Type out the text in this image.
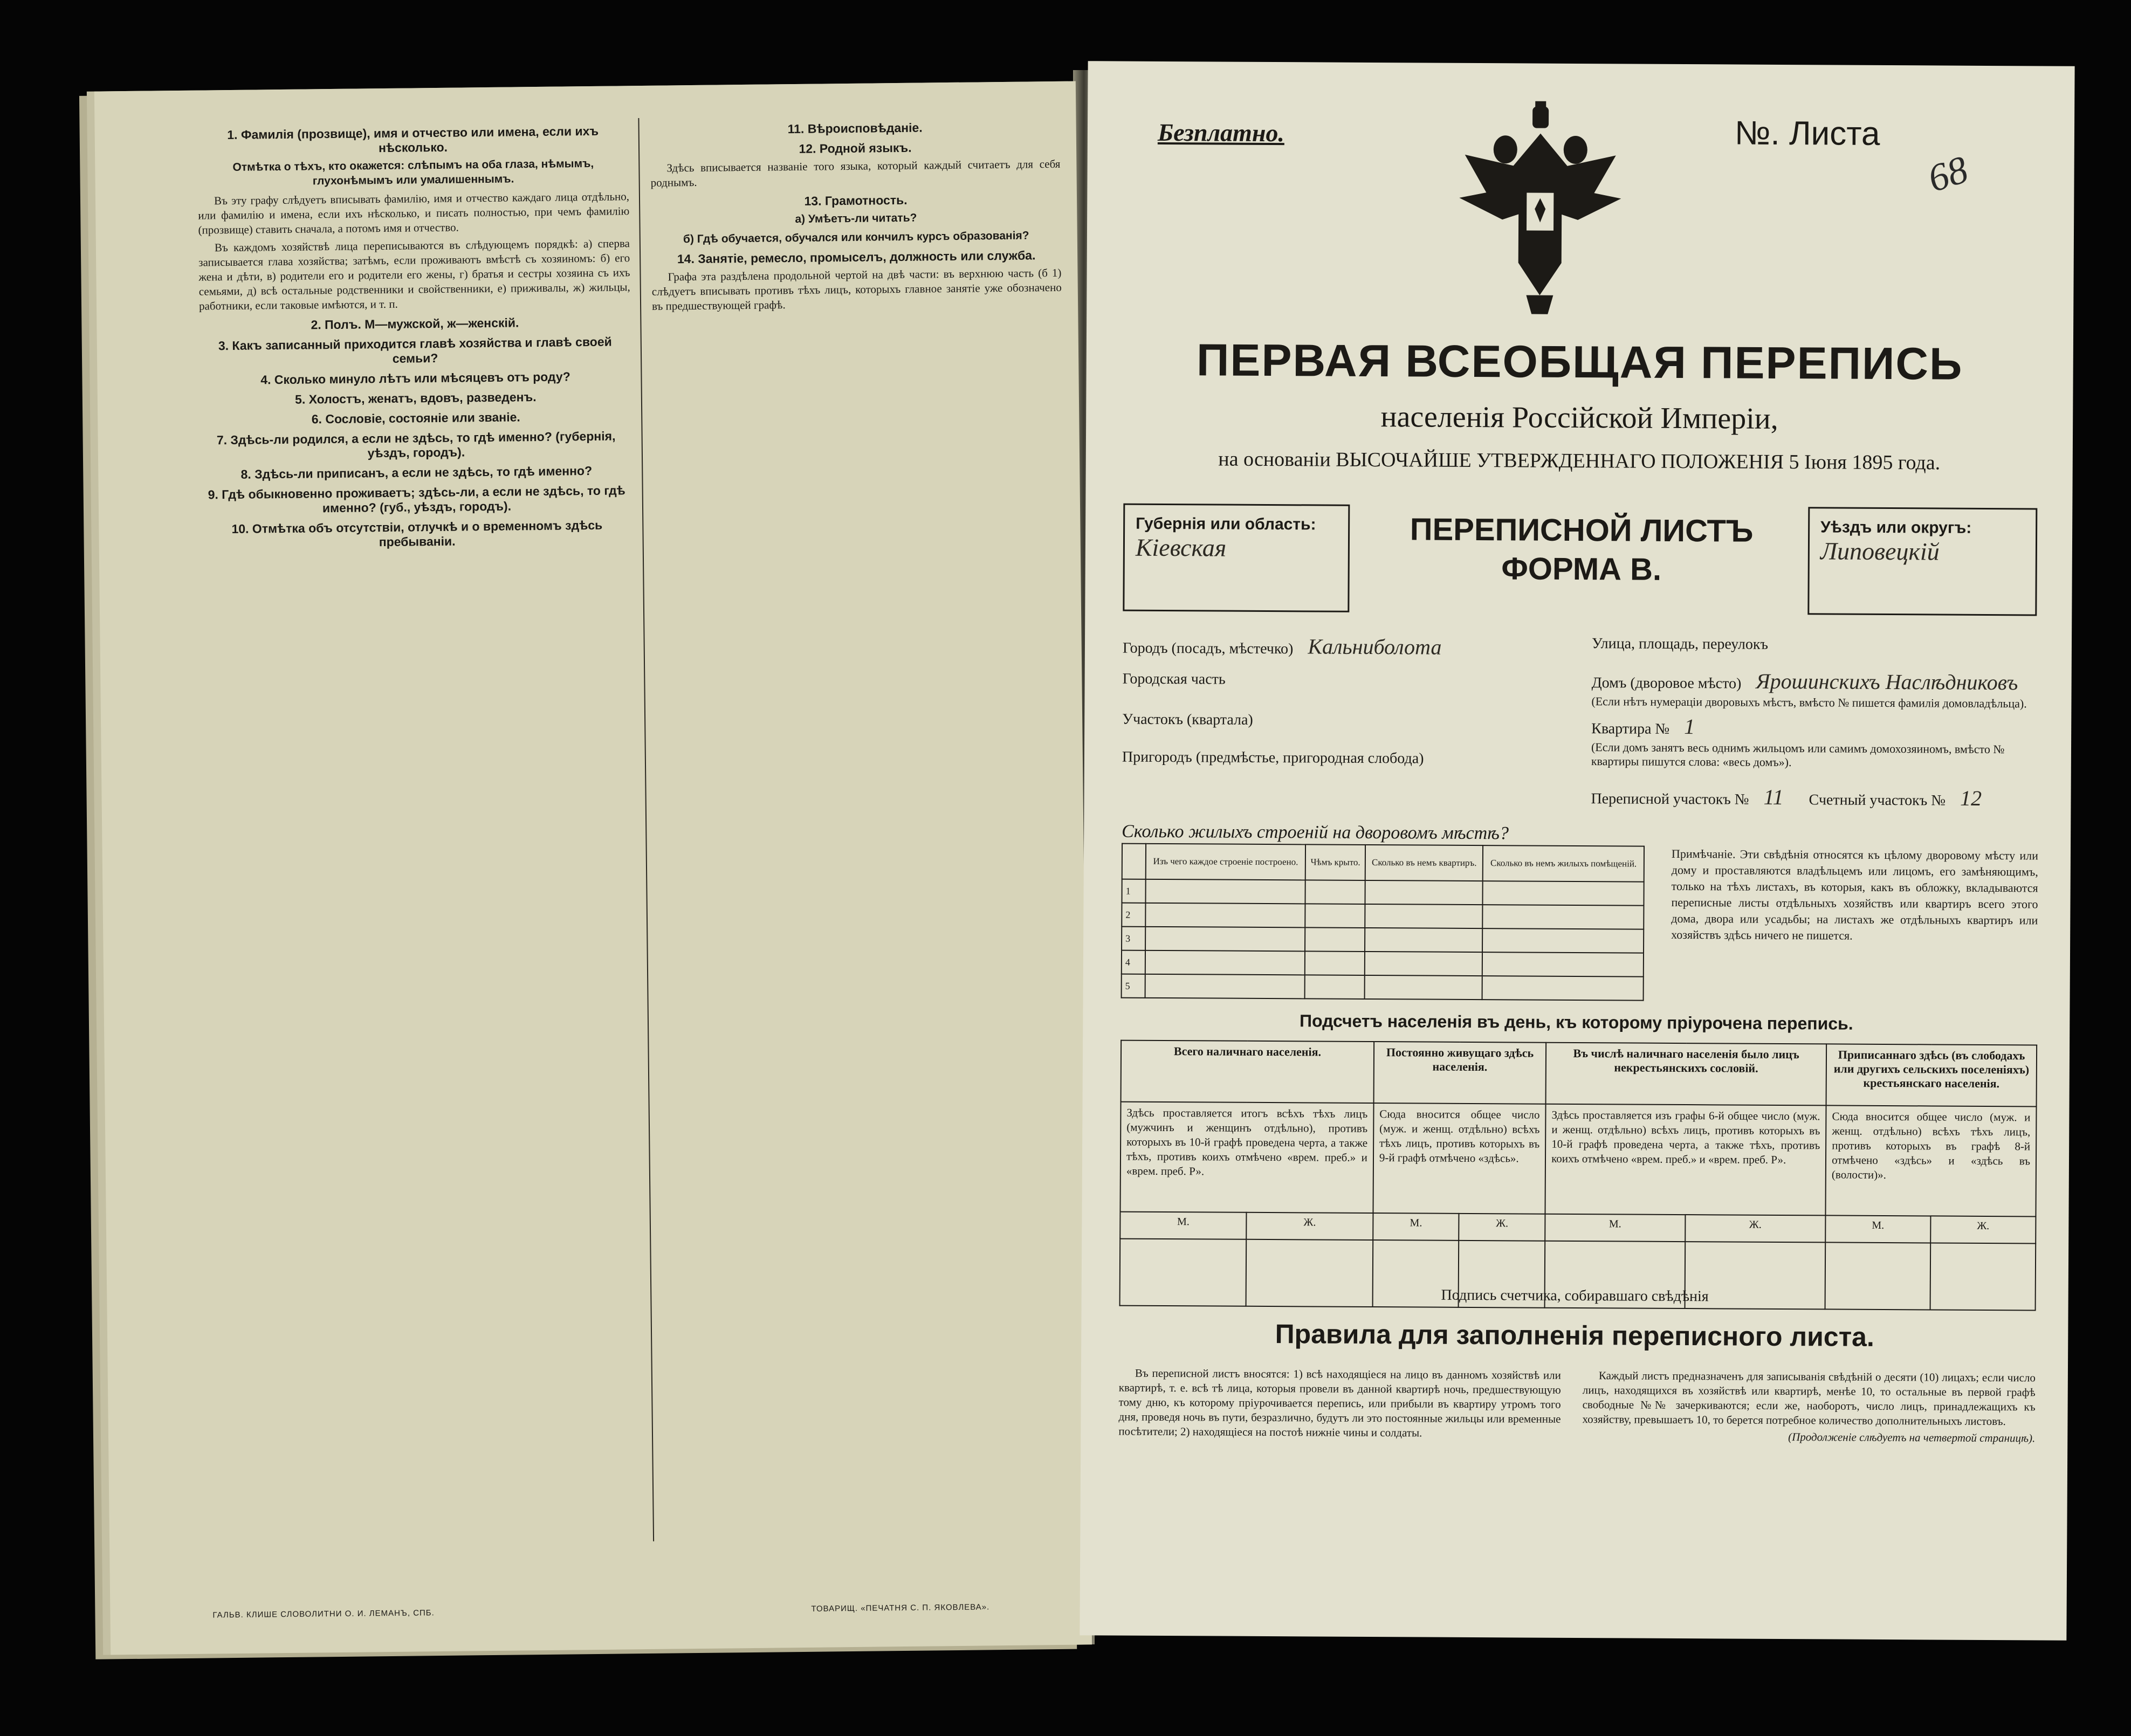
1. Фамилія (прозвище), имя и отчество или имена, если ихъ нѣсколько.
Отмѣтка о тѣхъ, кто окажется: слѣпымъ на оба глаза, нѣмымъ, глухонѣмымъ или умалишеннымъ.

Въ эту графу слѣдуетъ вписывать фамилію, имя и отчество каждаго лица отдѣльно, или фамилію и имена, если ихъ нѣсколько, и писать полностью, при чемъ фамилію (прозвище) ставить сначала, а потомъ имя и отчество.

Въ каждомъ хозяйствѣ лица переписываются въ слѣдующемъ порядкѣ: а) сперва записывается глава хозяйства; затѣмъ, если проживаютъ вмѣстѣ съ хозяиномъ: б) его жена и дѣти, в) родители его и родители его жены, г) братья и сестры хозяина съ ихъ семьями, д) всѣ остальные родственники и свойственники, е) приживалы, ж) жильцы, работники, если таковые имѣются, и т. п.

2. Полъ. М—мужской, ж—женскій.
3. Какъ записанный приходится главѣ хозяйства и главѣ своей семьи?
4. Сколько минуло лѣтъ или мѣсяцевъ отъ роду?
5. Холостъ, женатъ, вдовъ, разведенъ.
6. Сословіе, состояніе или званіе.
7. Здѣсь-ли родился, а если не здѣсь, то гдѣ именно? (губернія, уѣздъ, городъ).
8. Здѣсь-ли приписанъ, а если не здѣсь, то гдѣ именно?
9. Гдѣ обыкновенно проживаетъ; здѣсь-ли, а если не здѣсь, то гдѣ именно? (губ., уѣздъ, городъ).
10. Отмѣтка объ отсутствіи, отлучкѣ и о временномъ здѣсь пребываніи.
11. Вѣроисповѣданіе.
12. Родной языкъ.

Здѣсь вписывается названіе того языка, который каждый считаетъ для себя роднымъ.

13. Грамотность.
а) Умѣетъ-ли читать?
б) Гдѣ обучается, обучался или кончилъ курсъ образованія?
14. Занятіе, ремесло, промыселъ, должность или служба.

Графа эта раздѣлена продольной чертой на двѣ части: въ верхнюю часть (б 1) слѣдуетъ вписывать противъ тѣхъ лицъ, которыхъ главное занятіе уже обозначено въ предшествующей графѣ.

ГАЛЬВ. КЛИШЕ СЛОВОЛИТНИ О. И. ЛЕМАНЪ, СПБ.
ТОВАРИЩ. «ПЕЧАТНЯ С. П. ЯКОВЛЕВА».
Безплатно.	№. Листа
68
ПЕРВАЯ ВСЕОБЩАЯ ПЕРЕПИСЬ
населенія Россійской Имперіи,
на основаніи ВЫСОЧАЙШЕ УТВЕРЖДЕННАГО ПОЛОЖЕНІЯ 5 Іюня 1895 года.
Губернія или область:
Кіевская	ПЕРЕПИСНОЙ ЛИСТЪ
ФОРМА В.
Уѣздъ или округъ:
Липовецкій
Городъ (посадъ, мѣстечко) Кальниболота	Улица, площадь, переулокъ
Городская часть	Домъ (дворовое мѣсто) Ярошинскихъ Наслѣдниковъ
(Если нѣтъ нумераціи дворовыхъ мѣстъ, вмѣсто № пишется фамилія домовладѣльца).
Участокъ (квартала)
Квартира № 1
Пригородъ (предмѣстье, пригородная слобода)
(Если домъ занятъ весь однимъ жильцомъ или самимъ домохозяиномъ, вмѣсто № квартиры пишутся слова: «весь домъ»).
Переписной участокъ № 11 Счетный участокъ № 12
Сколько жилыхъ строеній на дворовомъ мѣстѣ?
	Изъ чего каждое строеніе построено.	Чѣмъ крыто.	Сколько въ немъ квартиръ.	Сколько въ немъ жилыхъ помѣщеній.
1				
2				
3				
4				
5				
Примѣчаніе. Эти свѣдѣнія относятся къ цѣлому дворовому мѣсту или дому и проставляются владѣльцемъ или лицомъ, его замѣняющимъ, только на тѣхъ листахъ, въ которыя, какъ въ обложку, вкладываются переписные листы отдѣльныхъ хозяйствъ или квартиръ всего этого дома, двора или усадьбы; на листахъ же отдѣльныхъ квартиръ или хозяйствъ здѣсь ничего не пишется.
Подсчетъ населенія въ день, къ которому пріурочена перепись.
Всего наличнаго населенія.		Постоянно живущаго здѣсь населенія.		Въ числѣ наличнаго населенія было лицъ некрестьянскихъ сословій.		Приписаннаго здѣсь (въ слободахъ или другихъ сельскихъ поселеніяхъ) крестьянскаго населенія.	
Здѣсь проставляется итогъ всѣхъ тѣхъ лицъ (мужчинъ и женщинъ отдѣльно), противъ которыхъ въ 10-й графѣ проведена черта, а также тѣхъ, противъ коихъ отмѣчено «врем. преб.» и «врем. преб. Р».		Сюда вносится общее число (муж. и женщ. отдѣльно) всѣхъ тѣхъ лицъ, противъ которыхъ въ 9-й графѣ отмѣчено «здѣсь».		Здѣсь проставляется изъ графы 6-й общее число (муж. и женщ. отдѣльно) всѣхъ лицъ, противъ которыхъ въ 10-й графѣ проведена черта, а также тѣхъ, противъ коихъ отмѣчено «врем. преб.» и «врем. преб. Р».		Сюда вносится общее число (муж. и женщ. отдѣльно) всѣхъ тѣхъ лицъ, противъ которыхъ въ графѣ 8-й отмѣчено «здѣсь» и «здѣсь въ (волости)».	
М.	Ж.	М.	Ж.	М.	Ж.	М.	Ж.

Подпись счетчика, собиравшаго свѣдѣнія
Правила для заполненія переписного листа.

Въ переписной листъ вносятся: 1) всѣ находящіеся на лицо въ данномъ хозяйствѣ или квартирѣ, т. е. всѣ тѣ лица, которыя провели въ данной квартирѣ ночь, предшествующую тому дню, къ которому пріурочивается перепись, или прибыли въ квартиру утромъ того дня, проведя ночь въ пути, безразлично, будутъ ли это постоянные жильцы или временные посѣтители; 2) находящіеся на постоѣ нижніе чины и солдаты.

Каждый листъ предназначенъ для записыванія свѣдѣній о десяти (10) лицахъ; если число лицъ, находящихся въ хозяйствѣ или квартирѣ, менѣе 10, то остальные въ первой графѣ свободные №№ зачеркиваются; если же, наоборотъ, число лицъ, принадлежащихъ къ хозяйству, превышаетъ 10, то берется потребное количество дополнительныхъ листовъ.

(Продолженіе слѣдуетъ на четвертой страницѣ).
